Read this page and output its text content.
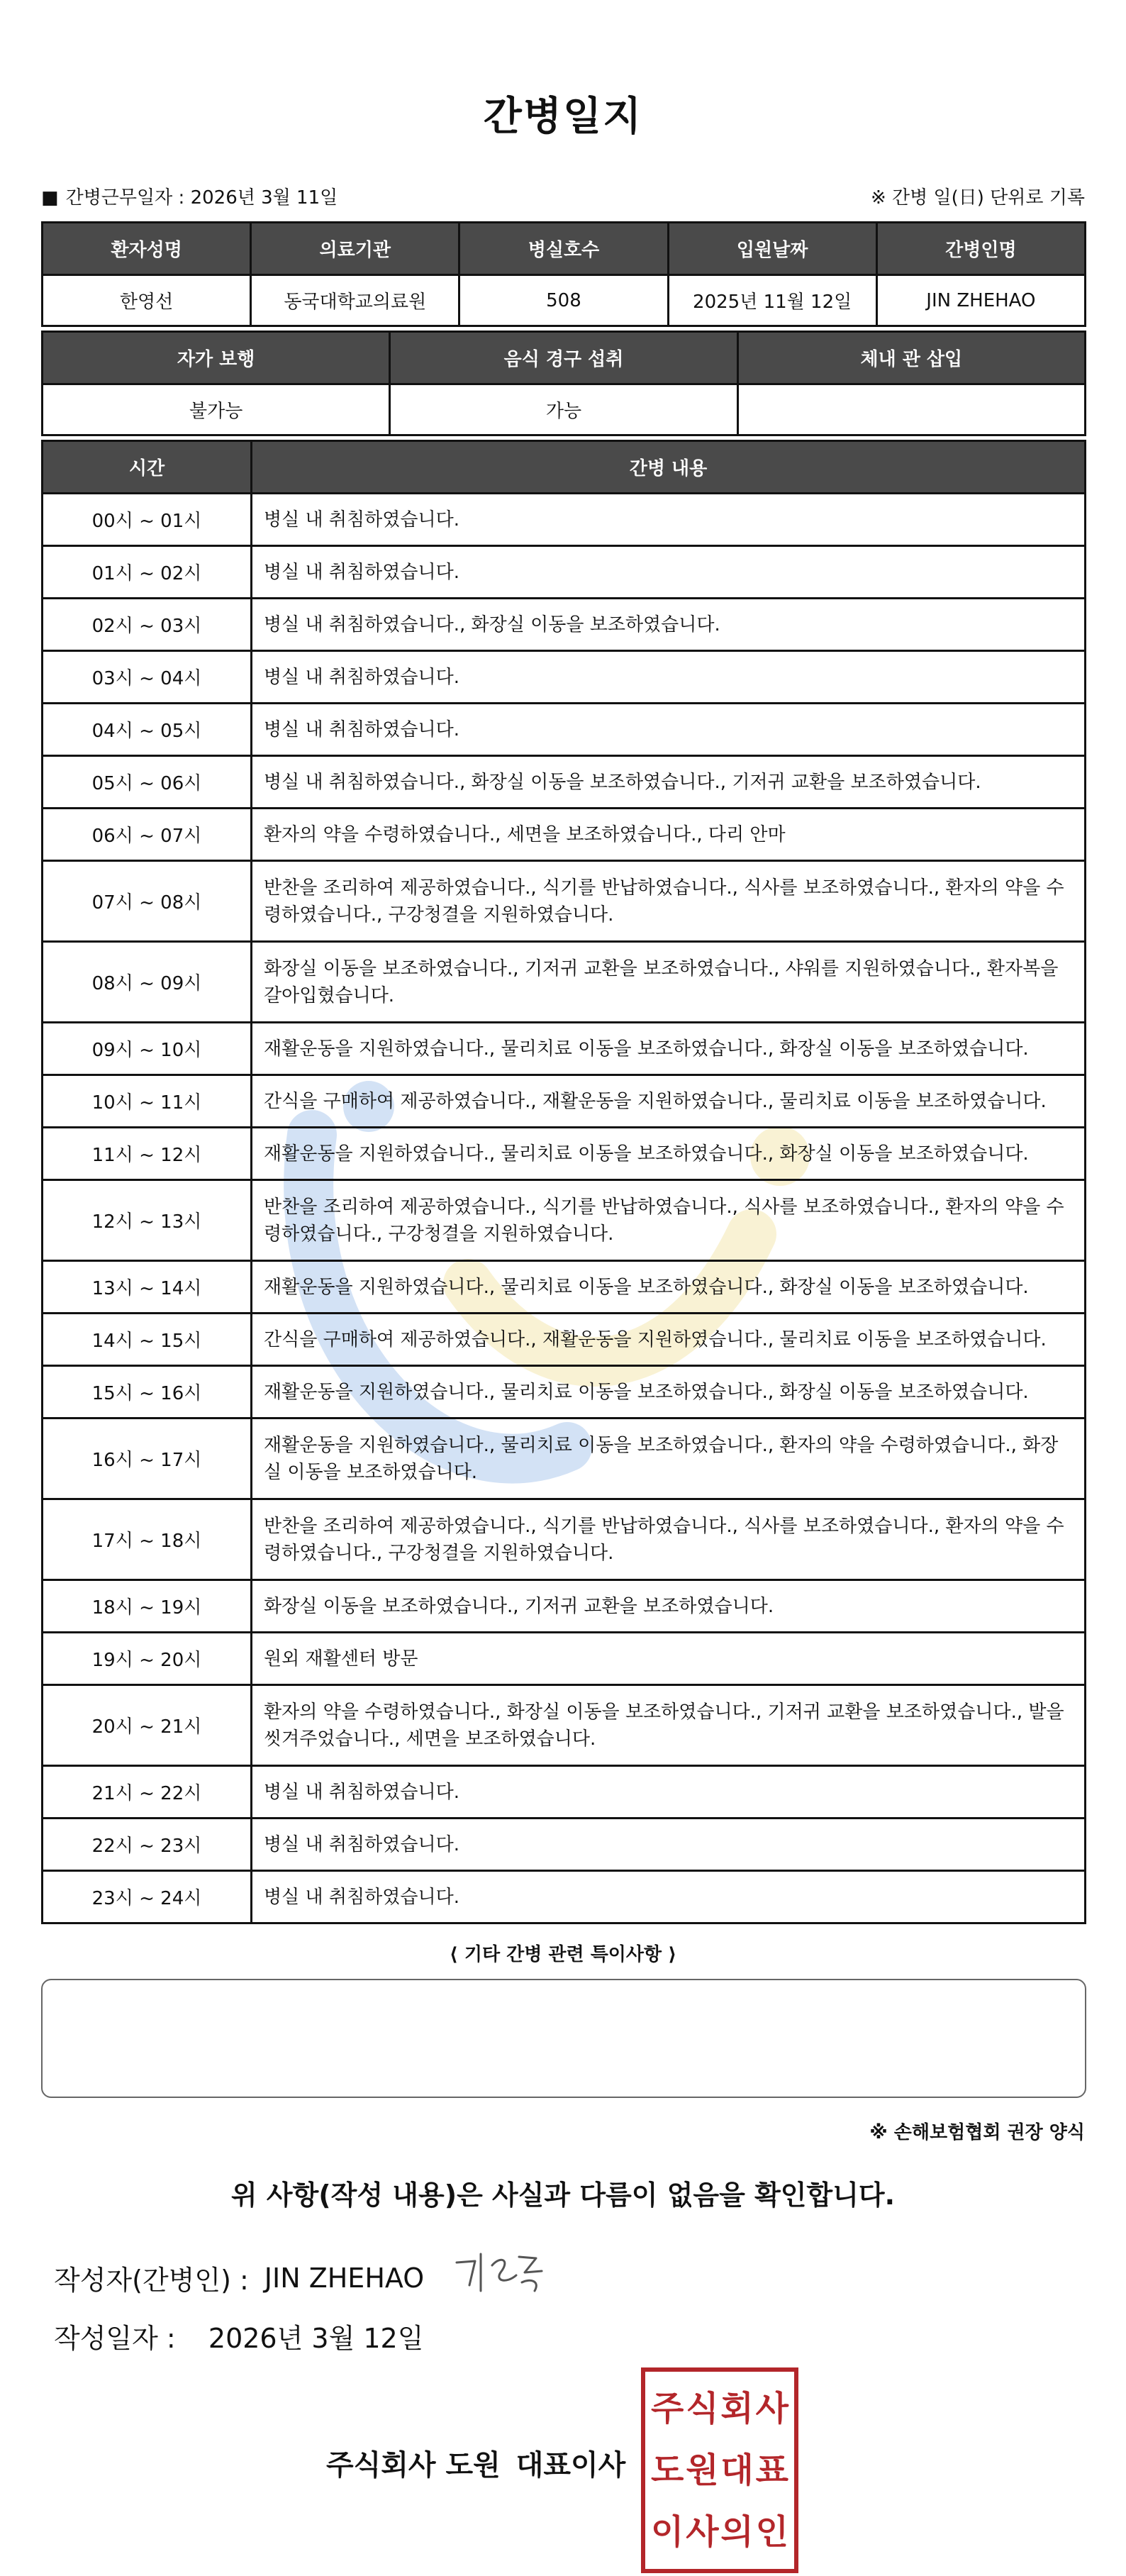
간병일지
■ 간병근무일자 : 2026년 3월 11일	※ 간병 일(日) 단위로 기록
환자성명	의료기관	병실호수	입원날짜	간병인명
한영선	동국대학교의료원	508	2025년 11월 12일	JIN ZHEHAO
자가 보행	음식 경구 섭취	체내 관 삽입
불가능	가능	
시간	간병 내용
00시 ~ 01시	병실 내 취침하였습니다.
01시 ~ 02시	병실 내 취침하였습니다.
02시 ~ 03시	병실 내 취침하였습니다., 화장실 이동을 보조하였습니다.
03시 ~ 04시	병실 내 취침하였습니다.
04시 ~ 05시	병실 내 취침하였습니다.
05시 ~ 06시	병실 내 취침하였습니다., 화장실 이동을 보조하였습니다., 기저귀 교환을 보조하였습니다.
06시 ~ 07시	환자의 약을 수령하였습니다., 세면을 보조하였습니다., 다리 안마
07시 ~ 08시	반찬을 조리하여 제공하였습니다., 식기를 반납하였습니다., 식사를 보조하였습니다., 환자의 약을 수령하였습니다., 구강청결을 지원하였습니다.
08시 ~ 09시	화장실 이동을 보조하였습니다., 기저귀 교환을 보조하였습니다., 샤워를 지원하였습니다., 환자복을 갈아입혔습니다.
09시 ~ 10시	재활운동을 지원하였습니다., 물리치료 이동을 보조하였습니다., 화장실 이동을 보조하였습니다.
10시 ~ 11시	간식을 구매하여 제공하였습니다., 재활운동을 지원하였습니다., 물리치료 이동을 보조하였습니다.
11시 ~ 12시	재활운동을 지원하였습니다., 물리치료 이동을 보조하였습니다., 화장실 이동을 보조하였습니다.
12시 ~ 13시	반찬을 조리하여 제공하였습니다., 식기를 반납하였습니다., 식사를 보조하였습니다., 환자의 약을 수령하였습니다., 구강청결을 지원하였습니다.
13시 ~ 14시	재활운동을 지원하였습니다., 물리치료 이동을 보조하였습니다., 화장실 이동을 보조하였습니다.
14시 ~ 15시	간식을 구매하여 제공하였습니다., 재활운동을 지원하였습니다., 물리치료 이동을 보조하였습니다.
15시 ~ 16시	재활운동을 지원하였습니다., 물리치료 이동을 보조하였습니다., 화장실 이동을 보조하였습니다.
16시 ~ 17시	재활운동을 지원하였습니다., 물리치료 이동을 보조하였습니다., 환자의 약을 수령하였습니다., 화장실 이동을 보조하였습니다.
17시 ~ 18시	반찬을 조리하여 제공하였습니다., 식기를 반납하였습니다., 식사를 보조하였습니다., 환자의 약을 수령하였습니다., 구강청결을 지원하였습니다.
18시 ~ 19시	화장실 이동을 보조하였습니다., 기저귀 교환을 보조하였습니다.
19시 ~ 20시	원외 재활센터 방문
20시 ~ 21시	환자의 약을 수령하였습니다., 화장실 이동을 보조하였습니다., 기저귀 교환을 보조하였습니다., 발을 씻겨주었습니다., 세면을 보조하였습니다.
21시 ~ 22시	병실 내 취침하였습니다.
22시 ~ 23시	병실 내 취침하였습니다.
23시 ~ 24시	병실 내 취침하였습니다.
⟨ 기타 간병 관련 특이사항 ⟩
※ 손해보험협회 권장 양식
위 사항(작성 내용)은 사실과 다름이 없음을 확인합니다.
작성자(간병인) : JIN ZHEHAO
작성일자 : 2026년 3월 12일
주식회사 도원 대표이사
주 식 회 사
도 원 대 표
이 사 의 인
